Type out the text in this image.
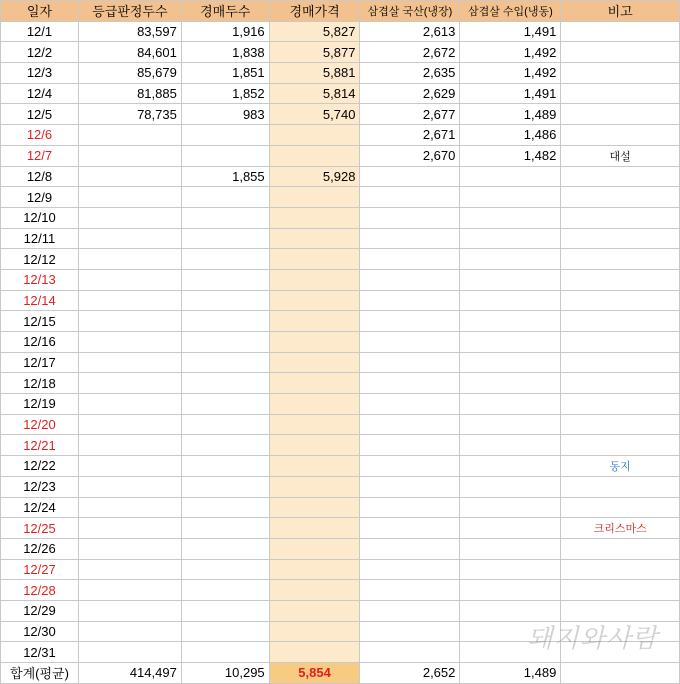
일자	등급판정두수	경매두수	경매가격	삼겹살 국산(냉장)	삼겹살 수입(냉동)	비고
12/1	83,597	1,916	5,827	2,613	1,491	
12/2	84,601	1,838	5,877	2,672	1,492	
12/3	85,679	1,851	5,881	2,635	1,492	
12/4	81,885	1,852	5,814	2,629	1,491	
12/5	78,735	983	5,740	2,677	1,489	
12/6				2,671	1,486	
12/7				2,670	1,482	대설
12/8		1,855	5,928			
12/9						
12/10						
12/11						
12/12						
12/13						
12/14						
12/15						
12/16						
12/17						
12/18						
12/19						
12/20						
12/21						
12/22						동지
12/23						
12/24						
12/25						크리스마스
12/26						
12/27						
12/28						
12/29						
12/30						
12/31						
합계(평균)	414,497	10,295	5,854	2,652	1,489	
돼지와사람
